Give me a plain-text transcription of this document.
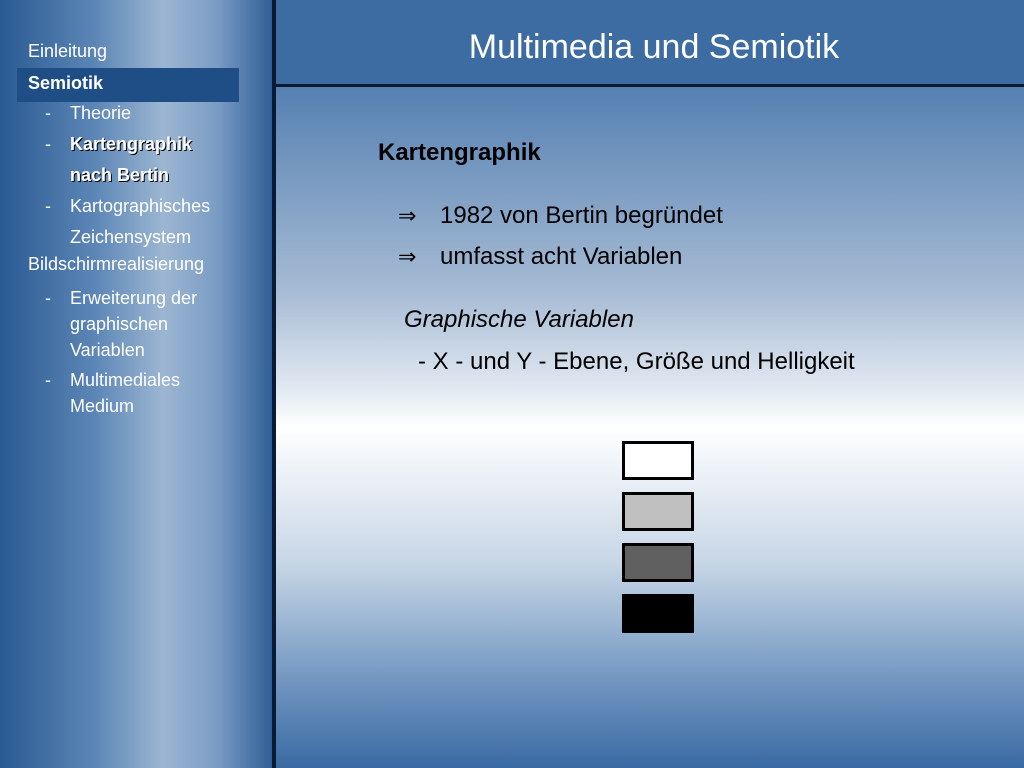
Einleitung
Semiotik
- Theorie
- Kartengraphik
nach Bertin
- Kartographisches
Zeichensystem
Bildschirmrealisierung
- Erweiterung der
graphischen
Variablen
- Multimediales
Medium
Multimedia und Semiotik
Kartengraphik
⇒ 1982 von Bertin begründet
⇒ umfasst acht Variablen
Graphische Variablen
- X - und Y - Ebene, Größe und Helligkeit
